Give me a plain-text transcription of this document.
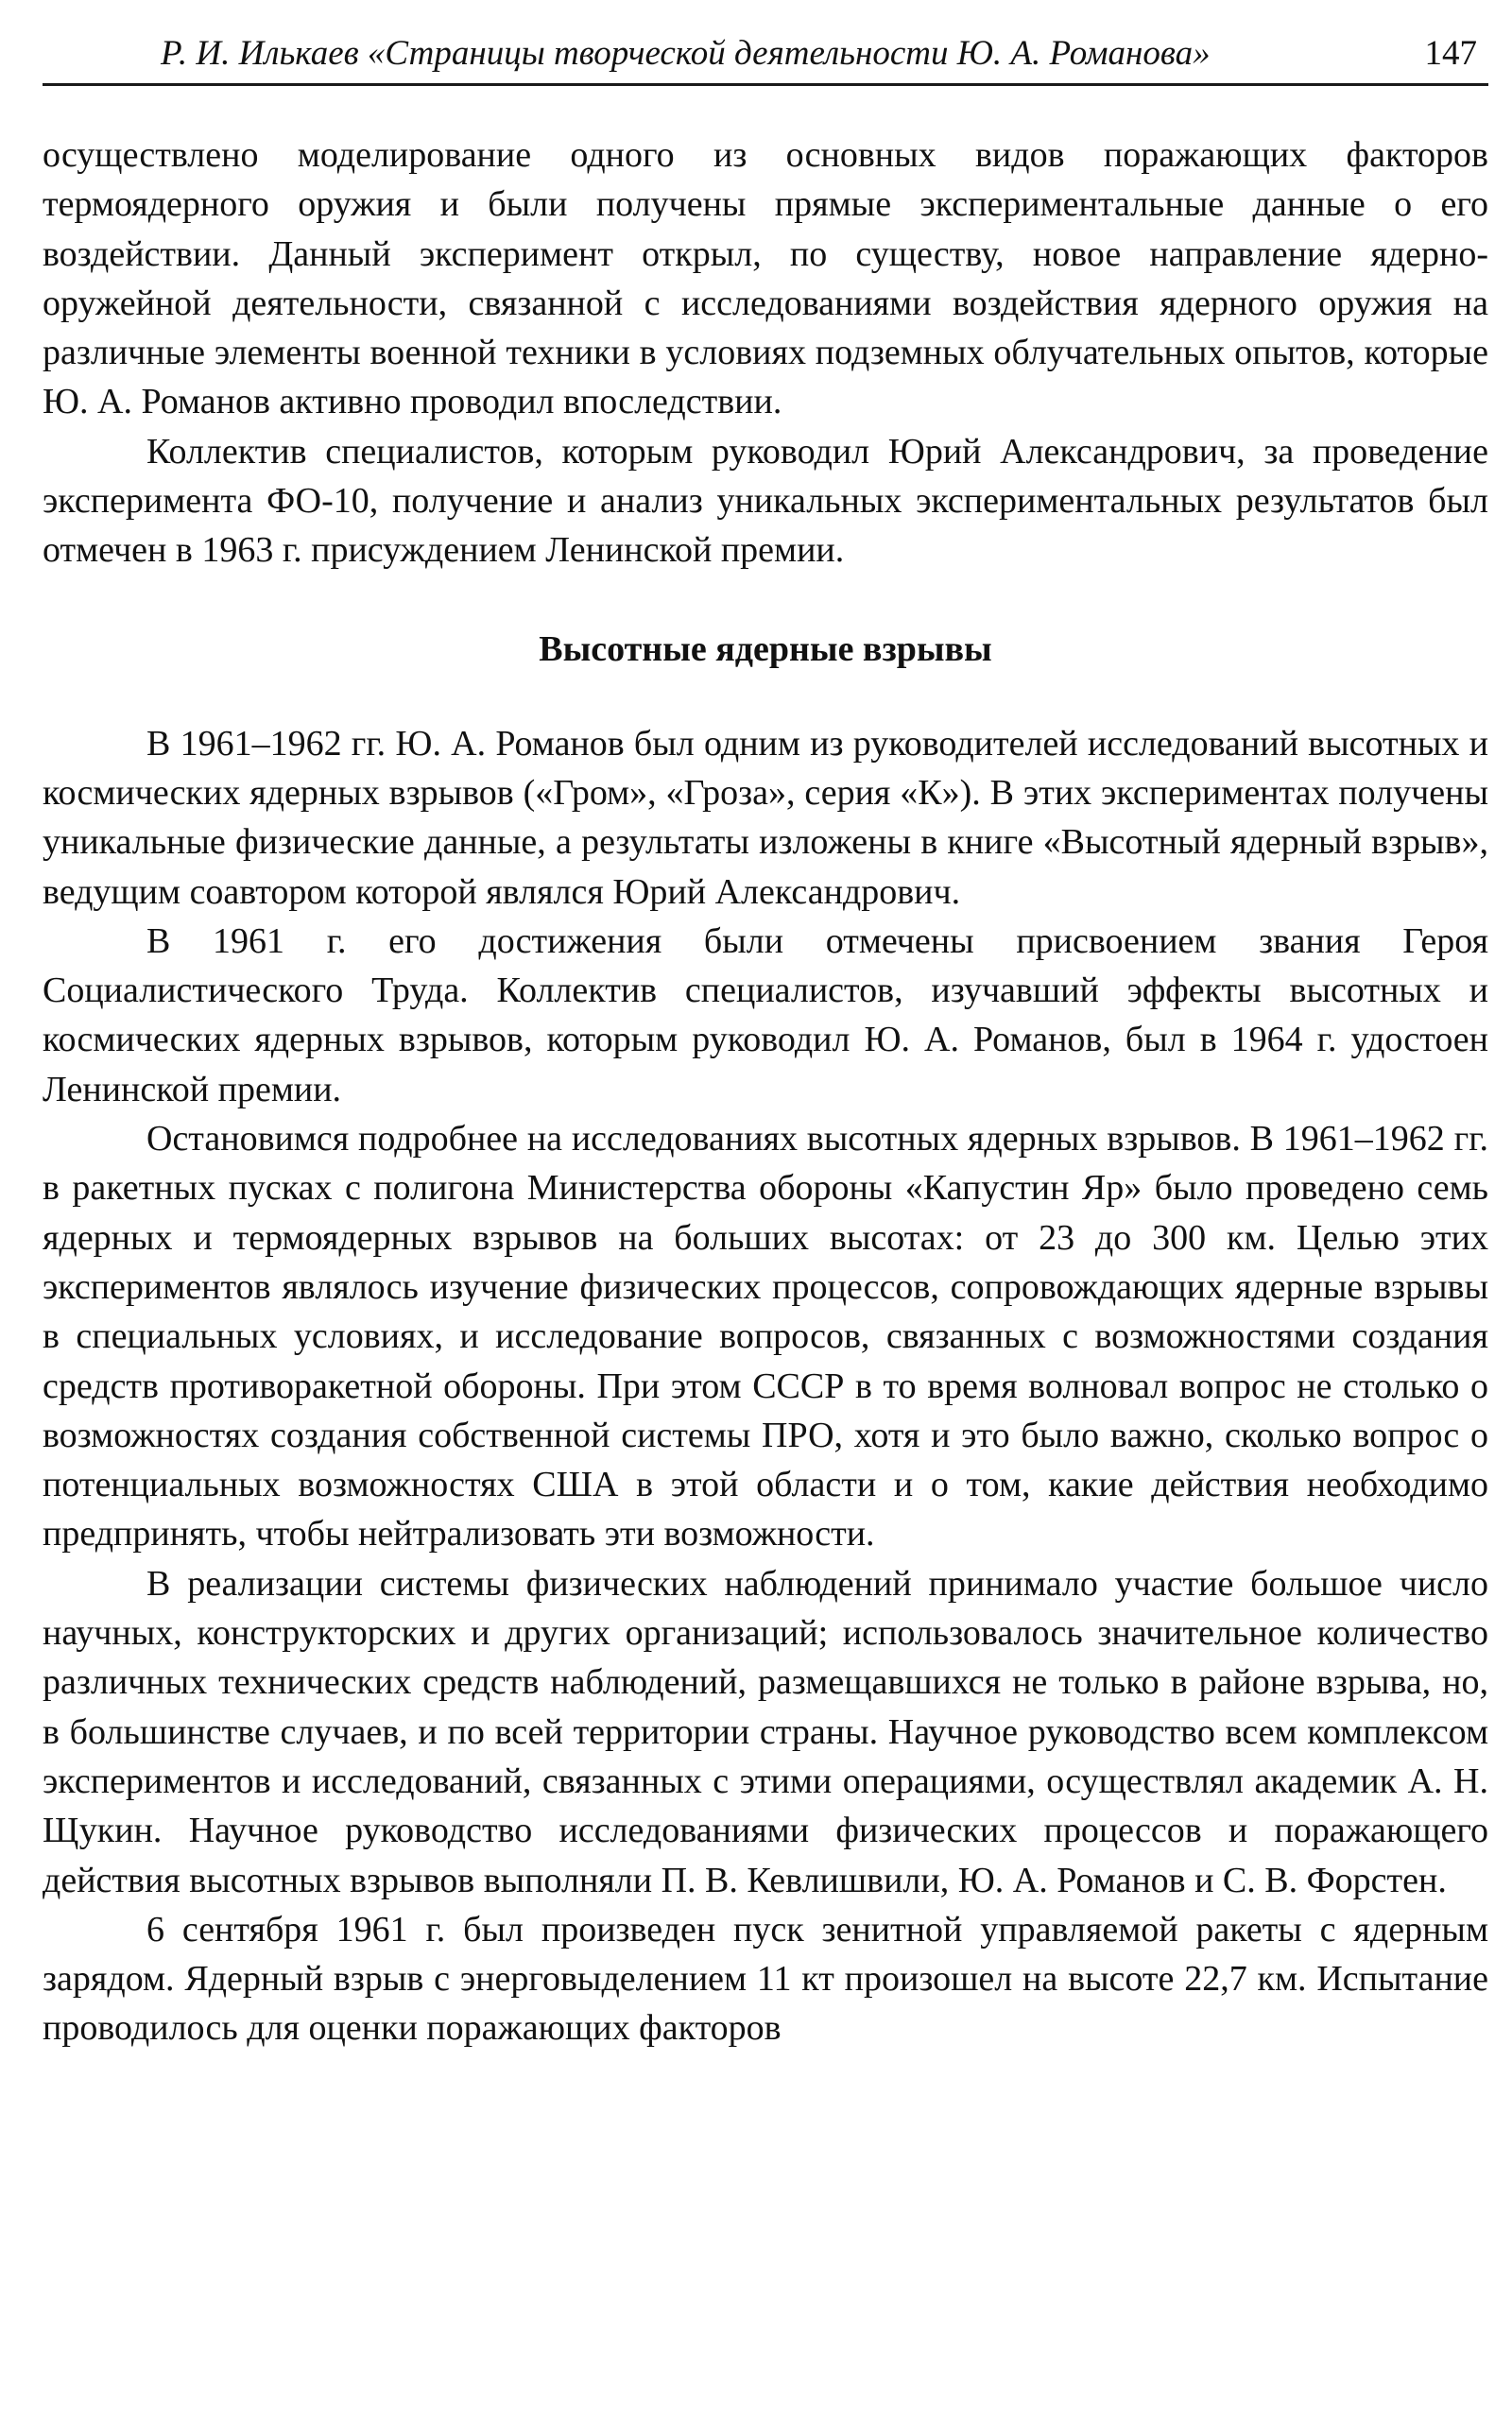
Р. И. Илькаев «Страницы творческой деятельности Ю. А. Романова»	147

осуществлено моделирование одного из основных видов поражающих факторов термоядерного оружия и были получены прямые экспериментальные данные о его воздействии. Данный эксперимент открыл, по существу, новое направление ядерно-оружейной деятельности, связанной с исследованиями воздействия ядерного оружия на различные элементы военной техники в условиях подземных облучательных опытов, которые Ю. А. Романов активно проводил впоследствии.

Коллектив специалистов, которым руководил Юрий Александрович, за проведение эксперимента ФО-10, получение и анализ уникальных экспериментальных результатов был отмечен в 1963 г. присуждением Ленинской премии.

Высотные ядерные взрывы

В 1961–1962 гг. Ю. А. Романов был одним из руководителей исследований высотных и космических ядерных взрывов («Гром», «Гроза», серия «К»). В этих экспериментах получены уникальные физические данные, а результаты изложены в книге «Высотный ядерный взрыв», ведущим соавтором которой являлся Юрий Александрович.

В 1961 г. его достижения были отмечены присвоением звания Героя Социалистического Труда. Коллектив специалистов, изучавший эффекты высотных и космических ядерных взрывов, которым руководил Ю. А. Романов, был в 1964 г. удостоен Ленинской премии.

Остановимся подробнее на исследованиях высотных ядерных взрывов. В 1961–1962 гг. в ракетных пусках с полигона Министерства обороны «Капустин Яр» было проведено семь ядерных и термоядерных взрывов на больших высотах: от 23 до 300 км. Целью этих экспериментов являлось изучение физических процессов, сопровождающих ядерные взрывы в специальных условиях, и исследование вопросов, связанных с возможностями создания средств противоракетной обороны. При этом СССР в то время волновал вопрос не столько о возможностях создания собственной системы ПРО, хотя и это было важно, сколько вопрос о потенциальных возможностях США в этой области и о том, какие действия необходимо предпринять, чтобы нейтрализовать эти возможности.

В реализации системы физических наблюдений принимало участие большое число научных, конструкторских и других организаций; использовалось значительное количество различных технических средств наблюдений, размещавшихся не только в районе взрыва, но, в большинстве случаев, и по всей территории страны. Научное руководство всем комплексом экспериментов и исследований, связанных с этими операциями, осуществлял академик А. Н. Щукин. Научное руководство исследованиями физических процессов и поражающего действия высотных взрывов выполняли П. В. Кевлишвили, Ю. А. Романов и С. В. Форстен.

6 сентября 1961 г. был произведен пуск зенитной управляемой ракеты с ядерным зарядом. Ядерный взрыв с энерговыделением 11 кт произошел на высоте 22,7 км. Испытание проводилось для оценки поражающих факторов
